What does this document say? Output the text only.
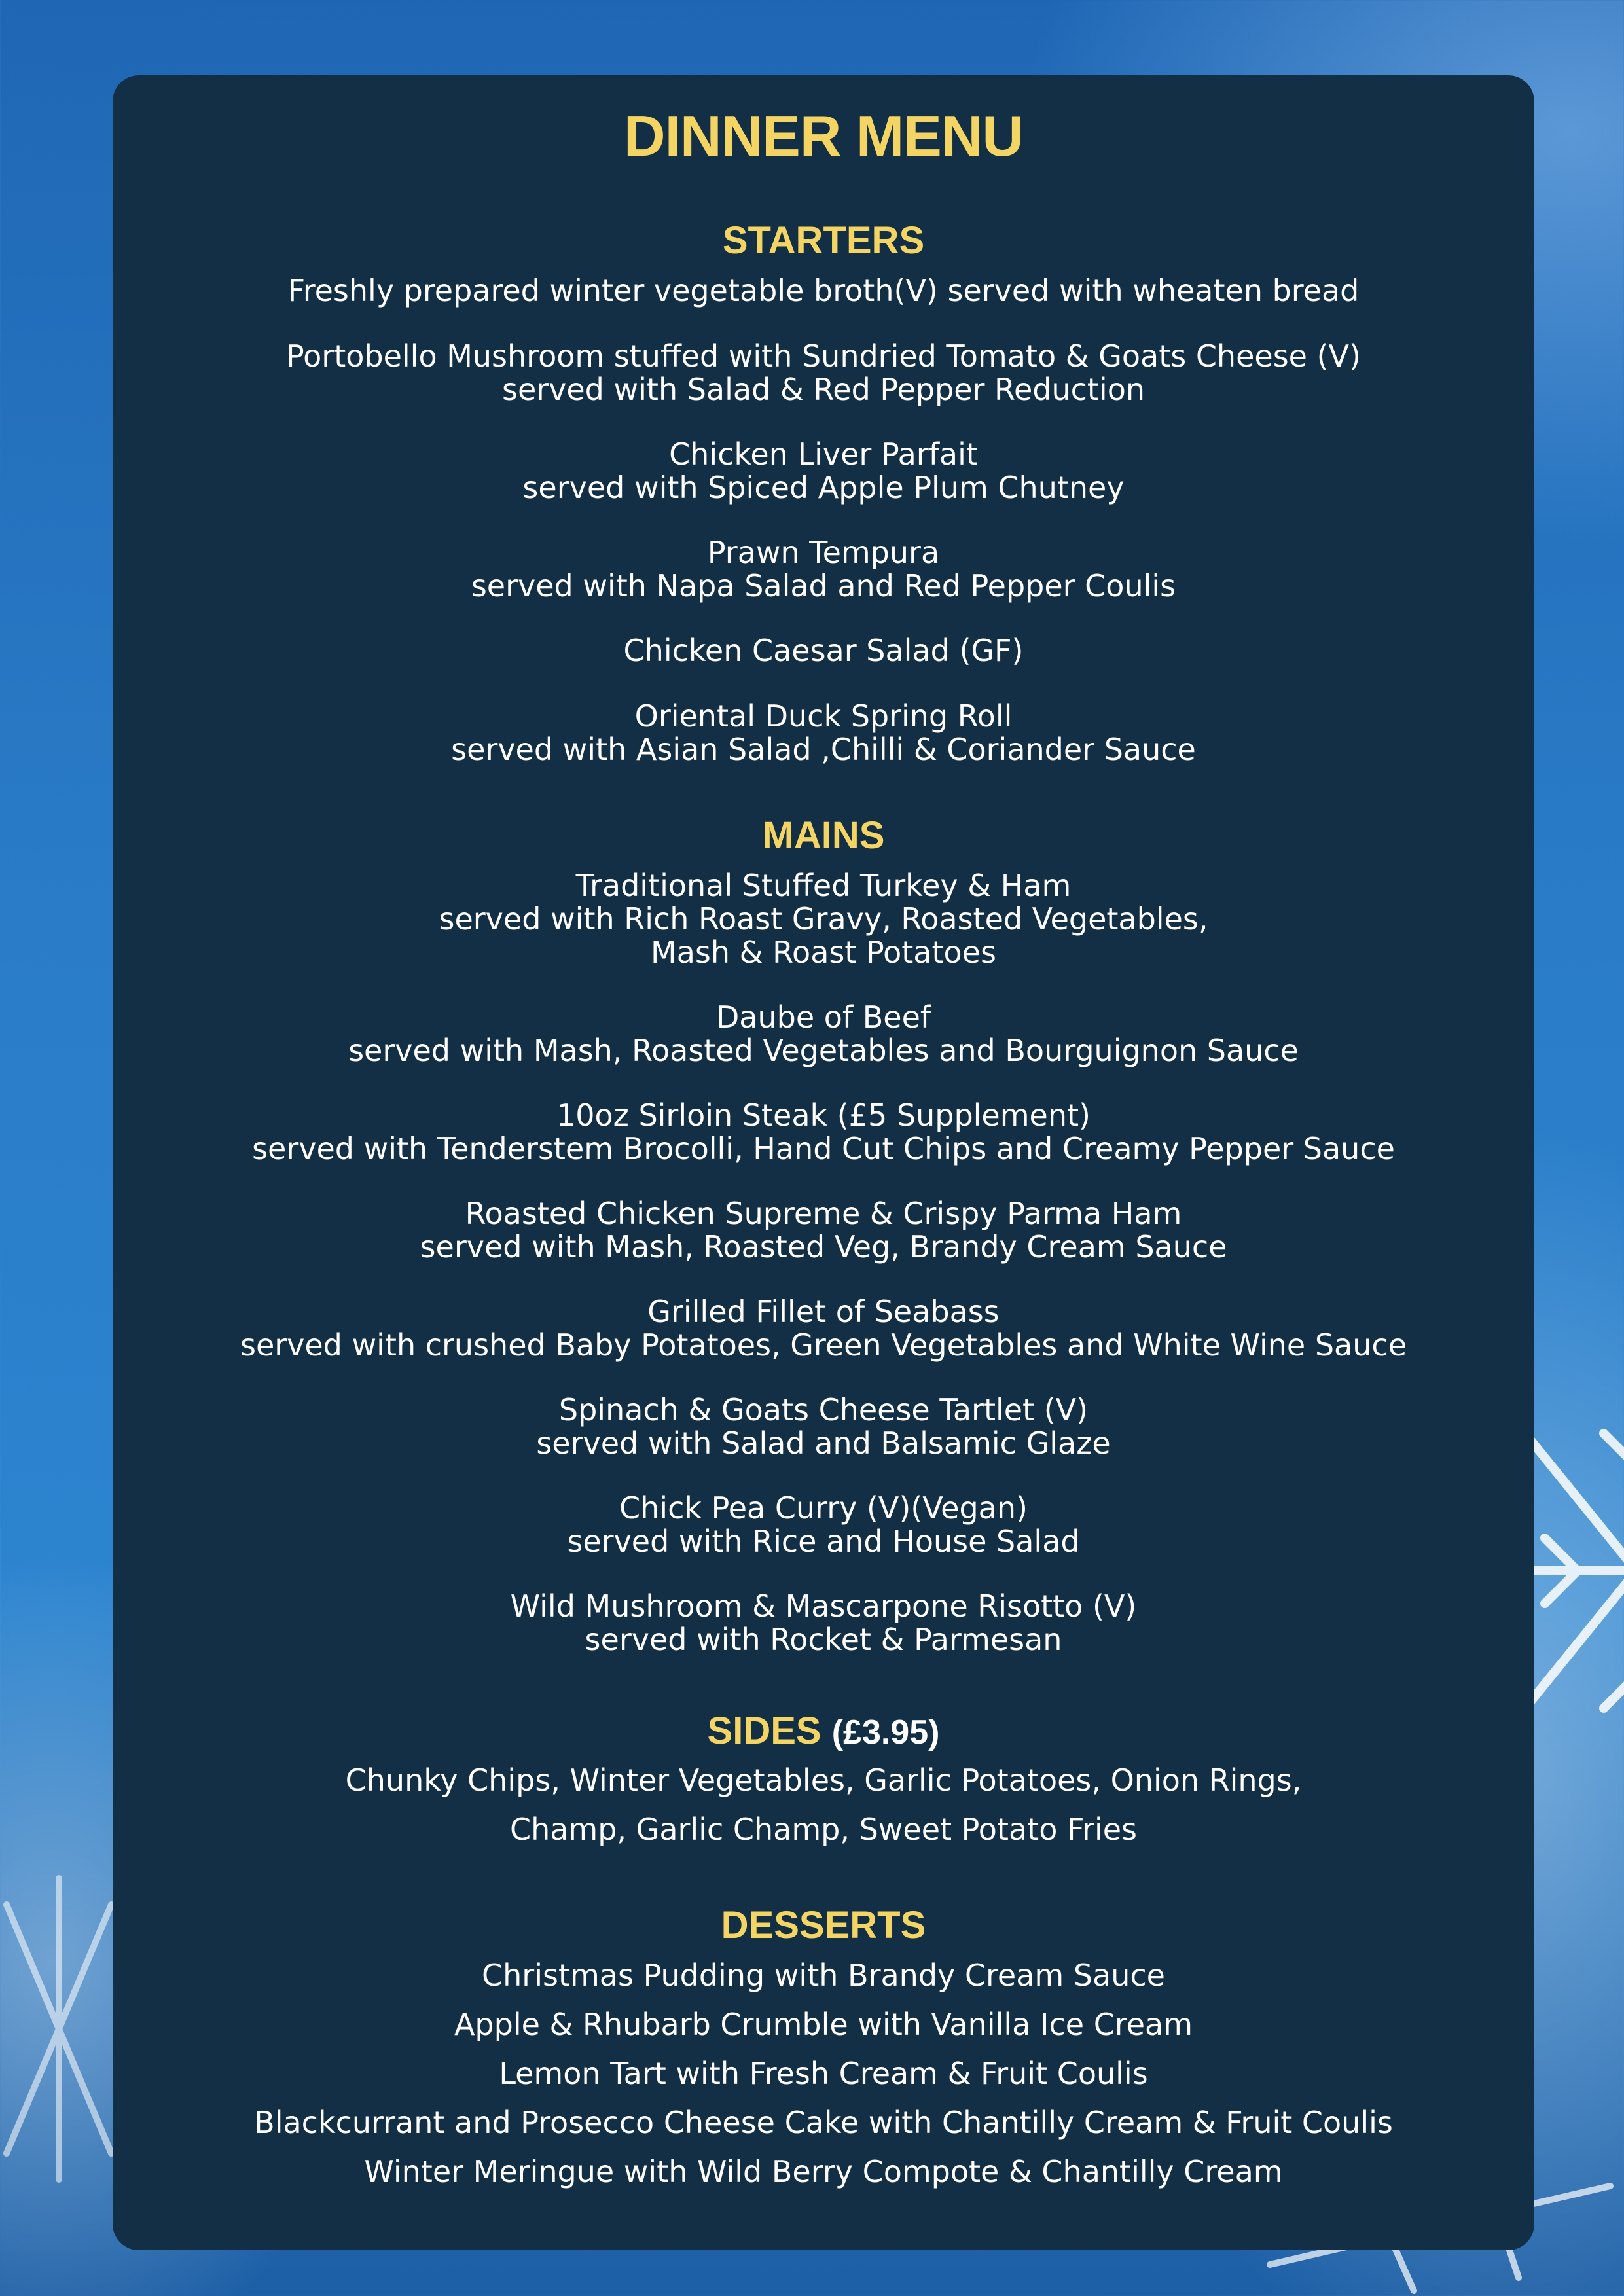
DINNER MENU
STARTERS
Freshly prepared winter vegetable broth(V) served with wheaten bread
Portobello Mushroom stuffed with Sundried Tomato & Goats Cheese (V)
served with Salad & Red Pepper Reduction
Chicken Liver Parfait
served with Spiced Apple Plum Chutney
Prawn Tempura
served with Napa Salad and Red Pepper Coulis
Chicken Caesar Salad (GF)
Oriental Duck Spring Roll
served with Asian Salad ,Chilli & Coriander Sauce
MAINS
Traditional Stuffed Turkey & Ham
served with Rich Roast Gravy, Roasted Vegetables,
Mash & Roast Potatoes
Daube of Beef
served with Mash, Roasted Vegetables and Bourguignon Sauce
10oz Sirloin Steak (£5 Supplement)
served with Tenderstem Brocolli, Hand Cut Chips and Creamy Pepper Sauce
Roasted Chicken Supreme & Crispy Parma Ham
served with Mash, Roasted Veg, Brandy Cream Sauce
Grilled Fillet of Seabass
served with crushed Baby Potatoes, Green Vegetables and White Wine Sauce
Spinach & Goats Cheese Tartlet (V)
served with Salad and Balsamic Glaze
Chick Pea Curry (V)(Vegan)
served with Rice and House Salad
Wild Mushroom & Mascarpone Risotto (V)
served with Rocket & Parmesan
SIDES (£3.95)
Chunky Chips, Winter Vegetables, Garlic Potatoes, Onion Rings,
Champ, Garlic Champ, Sweet Potato Fries
DESSERTS
Christmas Pudding with Brandy Cream Sauce
Apple & Rhubarb Crumble with Vanilla Ice Cream
Lemon Tart with Fresh Cream & Fruit Coulis
Blackcurrant and Prosecco Cheese Cake with Chantilly Cream & Fruit Coulis
Winter Meringue with Wild Berry Compote & Chantilly Cream
